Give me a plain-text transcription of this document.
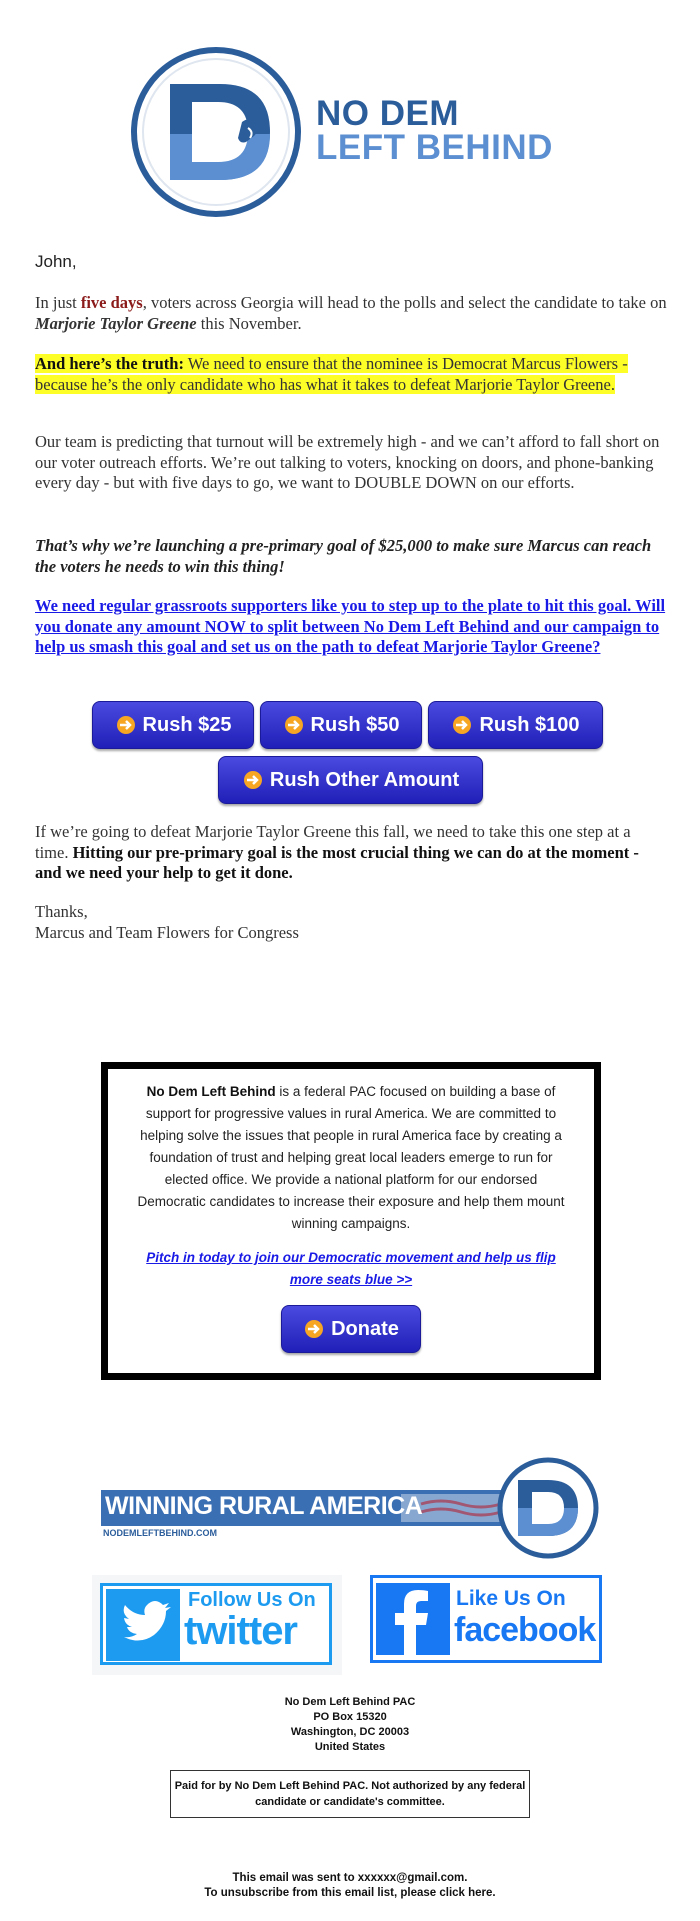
NO DEM
LEFT BEHIND
John,
In just five days, voters across Georgia will head to the polls and select the candidate to take on Marjorie Taylor Greene this November.
And here’s the truth: We need to ensure that the nominee is Democrat Marcus Flowers - because he’s the only candidate who has what it takes to defeat Marjorie Taylor Greene.
Our team is predicting that turnout will be extremely high - and we can’t afford to fall short on our voter outreach efforts. We’re out talking to voters, knocking on doors, and phone-banking every day - but with five days to go, we want to DOUBLE DOWN on our efforts.
That’s why we’re launching a pre-primary goal of $25,000 to make sure Marcus can reach the voters he needs to win this thing!
We need regular grassroots supporters like you to step up to the plate to hit this goal. Will you donate any amount NOW to split between No Dem Left Behind and our campaign to help us smash this goal and set us on the path to defeat Marjorie Taylor Greene?
Rush $25	Rush $50	Rush $100
Rush Other Amount
If we’re going to defeat Marjorie Taylor Greene this fall, we need to take this one step at a time. Hitting our pre-primary goal is the most crucial thing we can do at the moment - and we need your help to get it done.
Thanks,
Marcus and Team Flowers for Congress
No Dem Left Behind is a federal PAC focused on building a base of support for progressive values in rural America. We are committed to helping solve the issues that people in rural America face by creating a foundation of trust and helping great local leaders emerge to run for elected office. We provide a national platform for our endorsed Democratic candidates to increase their exposure and help them mount winning campaigns.
Pitch in today to join our Democratic movement and help us flip more seats blue >>
Donate
WINNING RURAL AMERICA
NODEMLEFTBEHIND.COM
Follow Us On
twitter
Like Us On
facebook
No Dem Left Behind PAC
PO Box 15320
Washington, DC 20003
United States
Paid for by No Dem Left Behind PAC. Not authorized by any federal candidate or candidate's committee.
This email was sent to xxxxxx@gmail.com.
To unsubscribe from this email list, please click here.
